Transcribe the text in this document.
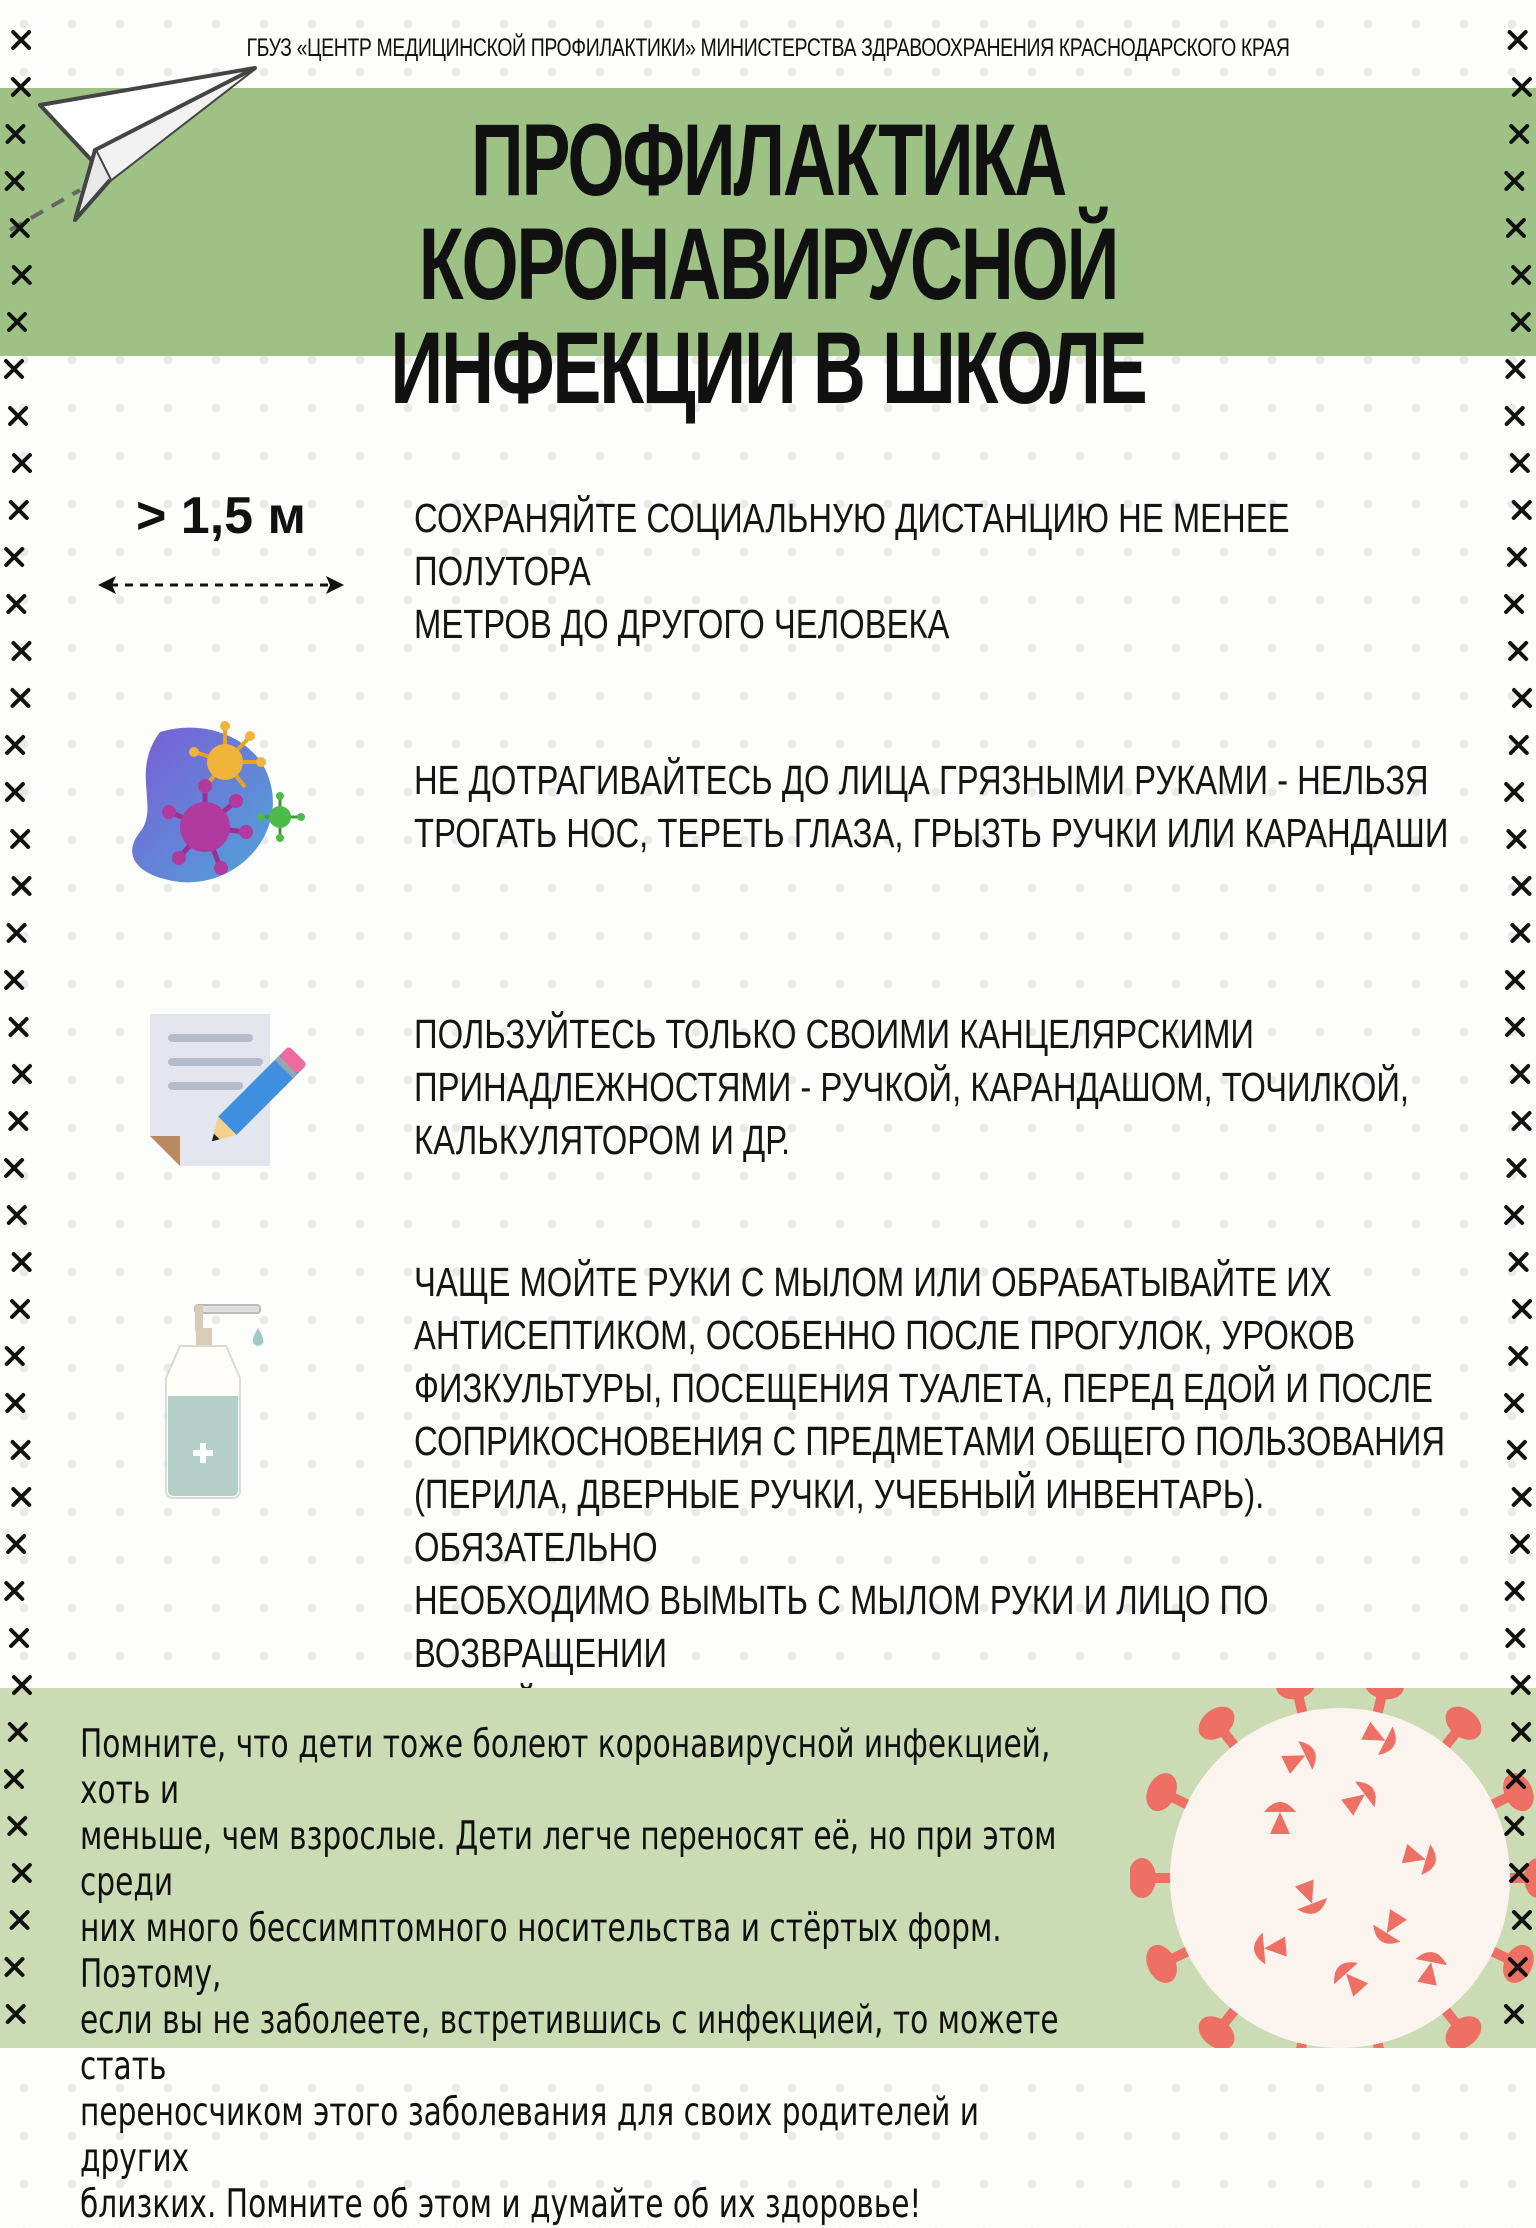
ГБУЗ «ЦЕНТР МЕДИЦИНСКОЙ ПРОФИЛАКТИКИ» МИНИСТЕРСТВА ЗДРАВООХРАНЕНИЯ КРАСНОДАРСКОГО КРАЯ
ПРОФИЛАКТИКА КОРОНАВИРУСНОЙ
ИНФЕКЦИИ В ШКОЛЕ
> 1,5 м	СОХРАНЯЙТЕ СОЦИАЛЬНУЮ ДИСТАНЦИЮ НЕ МЕНЕЕ ПОЛУТОРА
МЕТРОВ ДО ДРУГОГО ЧЕЛОВЕКА
НЕ ДОТРАГИВАЙТЕСЬ ДО ЛИЦА ГРЯЗНЫМИ РУКАМИ - НЕЛЬЗЯ
ТРОГАТЬ НОС, ТЕРЕТЬ ГЛАЗА, ГРЫЗТЬ РУЧКИ ИЛИ КАРАНДАШИ
ПОЛЬЗУЙТЕСЬ ТОЛЬКО СВОИМИ КАНЦЕЛЯРСКИМИ
ПРИНАДЛЕЖНОСТЯМИ - РУЧКОЙ, КАРАНДАШОМ, ТОЧИЛКОЙ,
КАЛЬКУЛЯТОРОМ И ДР.
ЧАЩЕ МОЙТЕ РУКИ С МЫЛОМ ИЛИ ОБРАБАТЫВАЙТЕ ИХ
АНТИСЕПТИКОМ, ОСОБЕННО ПОСЛЕ ПРОГУЛОК, УРОКОВ
ФИЗКУЛЬТУРЫ, ПОСЕЩЕНИЯ ТУАЛЕТА, ПЕРЕД ЕДОЙ И ПОСЛЕ
СОПРИКОСНОВЕНИЯ С ПРЕДМЕТАМИ ОБЩЕГО ПОЛЬЗОВАНИЯ
(ПЕРИЛА, ДВЕРНЫЕ РУЧКИ, УЧЕБНЫЙ ИНВЕНТАРЬ). ОБЯЗАТЕЛЬНО
НЕОБХОДИМО ВЫМЫТЬ С МЫЛОМ РУКИ И ЛИЦО ПО ВОЗВРАЩЕНИИ
Помните, что дети тоже болеют коронавирусной инфекцией, хоть и
меньше, чем взрослые. Дети легче переносят её, но при этом среди
них много бессимптомного носительства и стёртых форм. Поэтому,
если вы не заболеете, встретившись с инфекцией, то можете стать
переносчиком этого заболевания для своих родителей и других
близких. Помните об этом и думайте об их здоровье!
